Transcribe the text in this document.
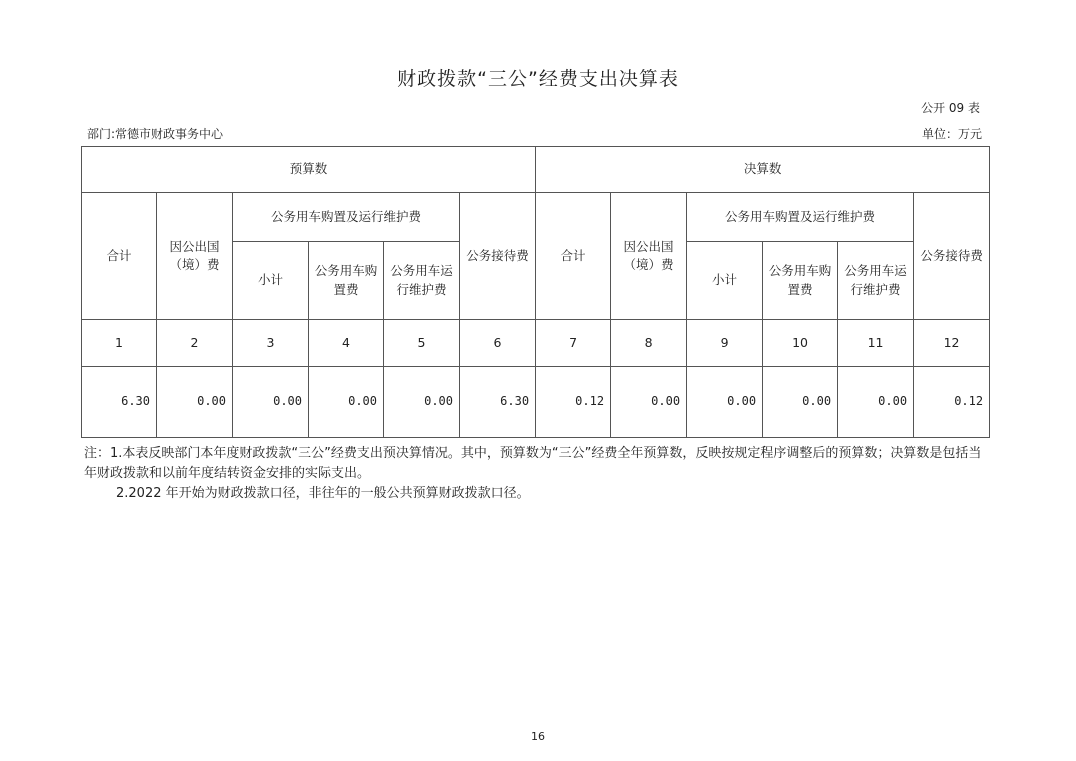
财政拨款“三公”经费支出决算表
公开 09 表
部门:常德市财政事务中心	单位：万元
预算数						决算数					
合计	因公出国（境）费	公务用车购置及运行维护费			公务接待费	合计	因公出国（境）费	公务用车购置及运行维护费			公务接待费
		小计	公务用车购置费	公务用车运行维护费				小计	公务用车购置费	公务用车运行维护费	
1	2	3	4	5	6	7	8	9	10	11	12
6.30	0.00	0.00	0.00	0.00	6.30	0.12	0.00	0.00	0.00	0.00	0.12

注：1.本表反映部门本年度财政拨款“三公”经费支出预决算情况。其中，预算数为“三公”经费全年预算数，反映按规定程序调整后的预算数；决算数是包括当年财政拨款和以前年度结转资金安排的实际支出。

2.2022 年开始为财政拨款口径，非往年的一般公共预算财政拨款口径。

16
